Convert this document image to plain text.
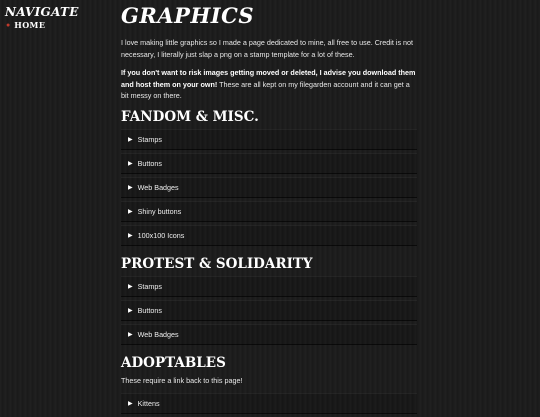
NAVIGATE
● HOME	GRAPHICS

I love making little graphics so I made a page dedicated to mine, all free to use. Credit is not necessary, I literally just slap a png on a stamp template for a lot of these.

If you don't want to risk images getting moved or deleted, I advise you download them and host them on your own! These are all kept on my filegarden account and it can get a bit messy on there.

FANDOM & MISC.
▶ Stamps
▶ Buttons
▶ Web Badges
▶ Shiny buttons
▶ 100x100 Icons
PROTEST & SOLIDARITY
▶ Stamps
▶ Buttons
▶ Web Badges
ADOPTABLES

These require a link back to this page!

▶ Kittens
